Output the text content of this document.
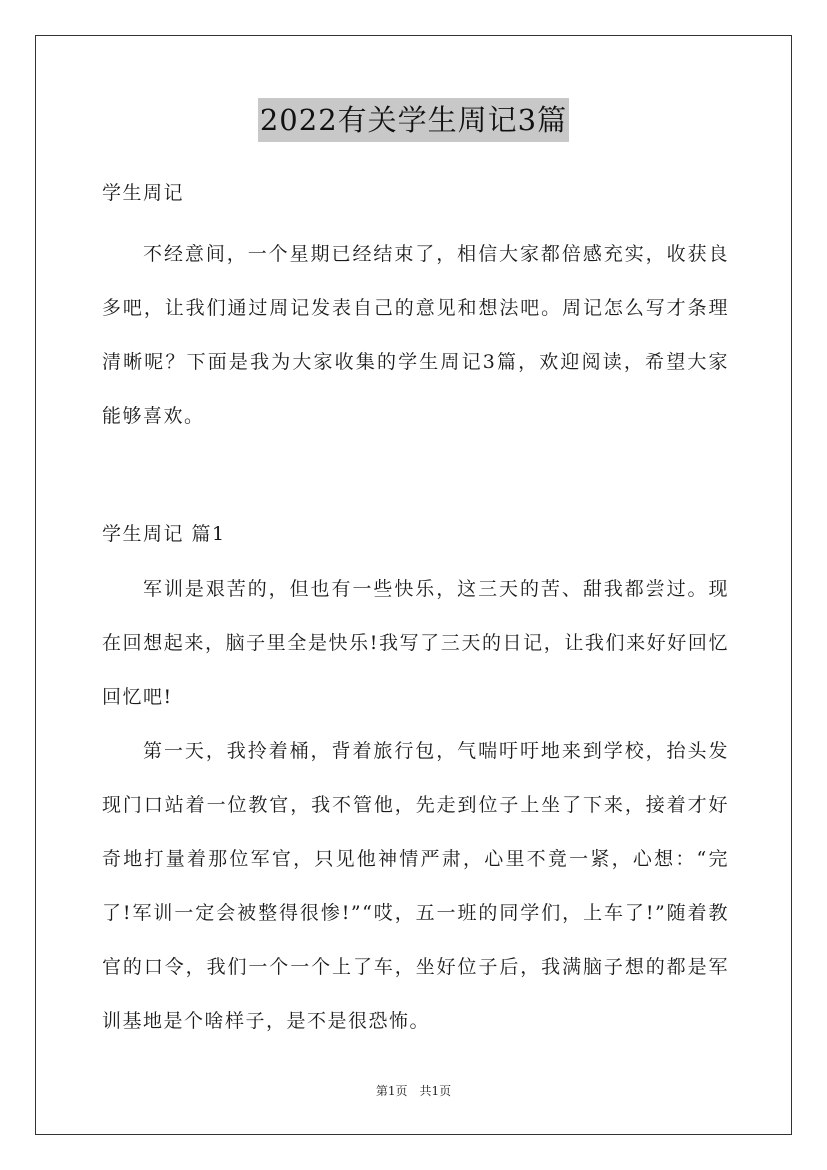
2022有关学生周记3篇

学生周记

不经意间，一个星期已经结束了，相信大家都倍感充实，收获良多吧，让我们通过周记发表自己的意见和想法吧。周记怎么写才条理清晰呢？下面是我为大家收集的学生周记3篇，欢迎阅读，希望大家能够喜欢。

学生周记 篇1

军训是艰苦的，但也有一些快乐，这三天的苦、甜我都尝过。现在回想起来，脑子里全是快乐!我写了三天的日记，让我们来好好回忆回忆吧!

第一天，我拎着桶，背着旅行包，气喘吁吁地来到学校，抬头发现门口站着一位教官，我不管他，先走到位子上坐了下来，接着才好奇地打量着那位军官，只见他神情严肃，心里不竟一紧，心想：“完了!军训一定会被整得很惨!”“哎，五一班的同学们，上车了!”随着教官的口令，我们一个一个上了车，坐好位子后，我满脑子想的都是军训基地是个啥样子，是不是很恐怖。

第1页 共1页
